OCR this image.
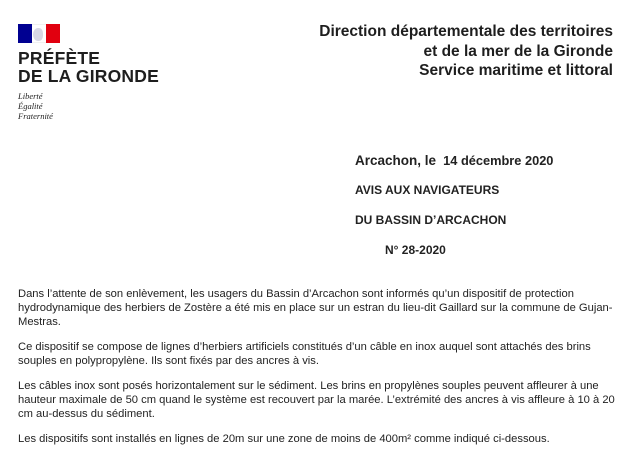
PRÉFÈTE
DE LA GIRONDE
Liberté
Égalité
Fraternité
Direction départementale des territoires
et de la mer de la Gironde
Service maritime et littoral
Arcachon, le 14 décembre 2020
AVIS AUX NAVIGATEURS
DU BASSIN D’ARCACHON
N° 28-2020

Dans l’attente de son enlèvement, les usagers du Bassin d’Arcachon sont informés qu’un dispositif de protection hydrodynamique des herbiers de Zostère a été mis en place sur un estran du lieu-dit Gaillard sur la commune de Gujan-Mestras.

Ce dispositif se compose de lignes d’herbiers artificiels constitués d’un câble en inox auquel sont attachés des brins souples en polypropylène. Ils sont fixés par des ancres à vis.

Les câbles inox sont posés horizontalement sur le sédiment. Les brins en propylènes souples peuvent affleurer à une hauteur maximale de 50 cm quand le système est recouvert par la marée. L’extrémité des ancres à vis affleure à 10 à 20 cm au-dessus du sédiment.

Les dispositifs sont installés en lignes de 20m sur une zone de moins de 400m² comme indiqué ci-dessous.
